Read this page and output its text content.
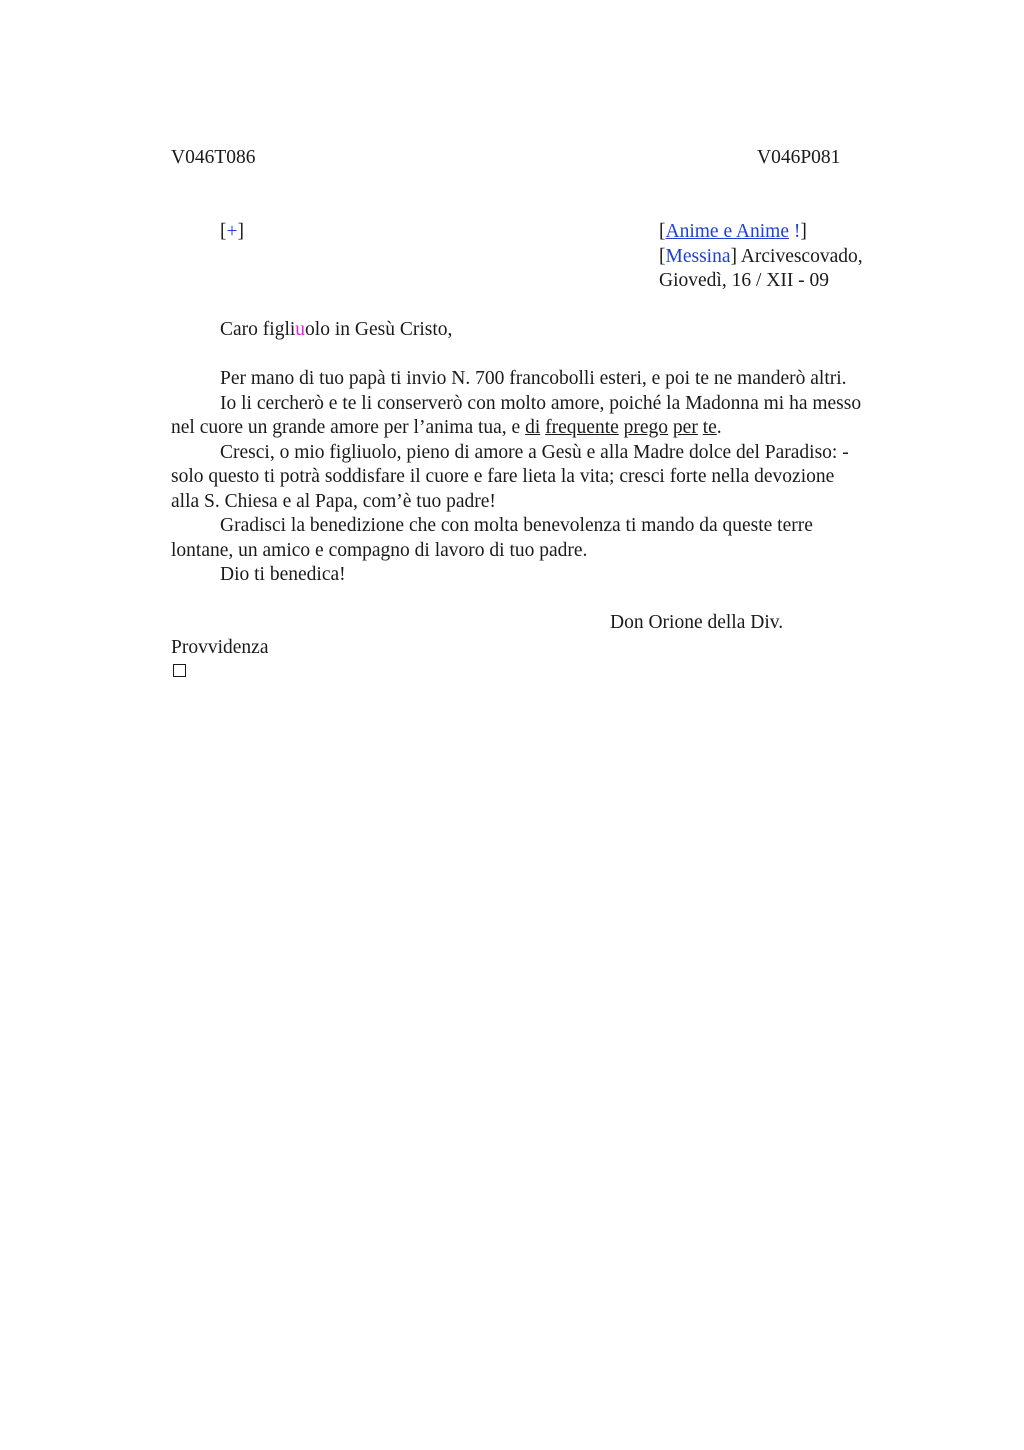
V046T086	V046P081
[+]	[Anime e Anime !]
[Messina] Arcivescovado,
Giovedì, 16 / XII - 09
Caro figliuolo in Gesù Cristo,
Per mano di tuo papà ti invio N. 700 francobolli esteri, e poi te ne manderò altri.
Io li cercherò e te li conserverò con molto amore, poiché la Madonna mi ha messo
nel cuore un grande amore per l’anima tua, e di frequente prego per te.
Cresci, o mio figliuolo, pieno di amore a Gesù e alla Madre dolce del Paradiso: -
solo questo ti potrà soddisfare il cuore e fare lieta la vita; cresci forte nella devozione
alla S. Chiesa e al Papa, com’è tuo padre!
Gradisci la benedizione che con molta benevolenza ti mando da queste terre
lontane, un amico e compagno di lavoro di tuo padre.
Dio ti benedica!
Don Orione della Div.
Provvidenza
